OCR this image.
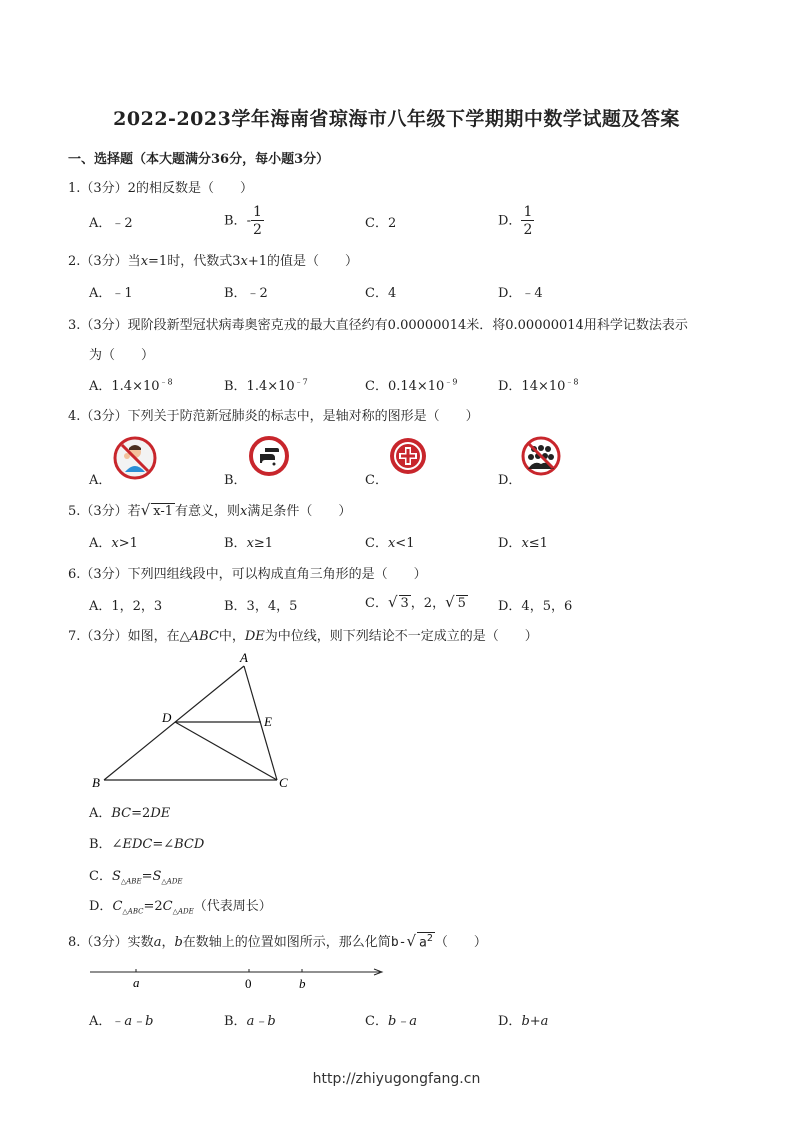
2022-2023学年海南省琼海市八年级下学期期中数学试题及答案
一、选择题（本大题满分36分，每小题3分）
1.（3分）2的相反数是（　　）
A．﹣2	B．- $\frac{1}{2}$	C．2	D． $\frac{1}{2}$
2.（3分）当x=1时，代数式3x+1的值是（　　）
A．﹣1	B．﹣2	C．4	D．﹣4
3.（3分）现阶段新型冠状病毒奥密克戎的最大直径约有0.00000014米．将0.00000014用科学记数法表示
为（　　）
A．$1.4\times 10^{﹣8}$	B．$1.4\times 10^{﹣7}$	C．$0.14\times 10^{﹣9}$	D．$14\times 10^{﹣8}$
4.（3分）下列关于防范新冠肺炎的标志中，是轴对称的图形是（　　）
A．	B．	C．	D．
5.（3分）若√ x-1 有意义，则x满足条件（　　）
A．x>1	B．x≥1	C．x<1	D．x≤1
6.（3分）下列四组线段中，可以构成直角三角形的是（　　）
A．1，2，3	B．3，4，5	C．√ 3 ，2，√ 5 D．4，5，6
7.（3分）如图，在△ABC中，DE为中位线，则下列结论不一定成立的是（　　）
A
B	C
D	E
A．BC=2DE
B．∠EDC=∠BCD
C．$S_{\triangle ABE}=S_{\triangle ADE}$
D．$C_{\triangle ABC}=2C_{\triangle ADE}$（代表周长）
8.（3分）实数a，b在数轴上的位置如图所示，那么化简b-√ $a^2$ （　　）
a	0	b
A．﹣a﹣b	B．a﹣b	C．b﹣a	D．b+a
http://zhiyugongfang.cn
